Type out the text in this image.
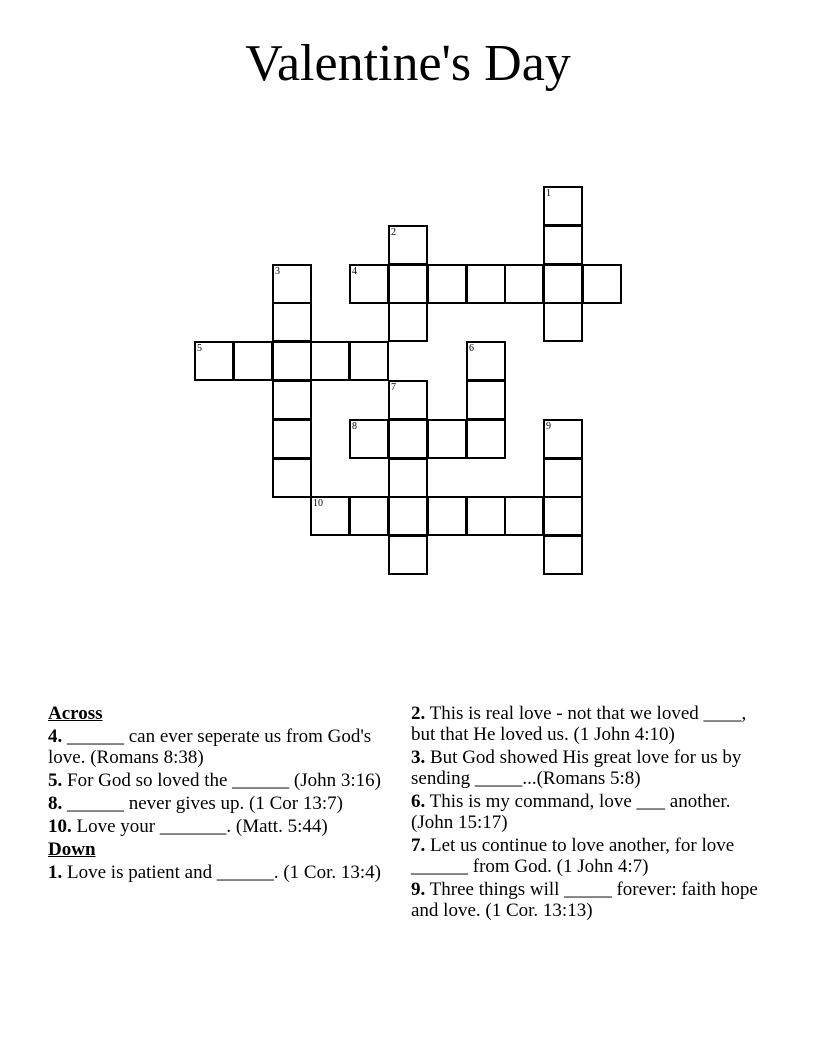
Valentine's Day
1
2
3	4
5	6
7
8	9
10
Across
4. ______ can ever seperate us from God's love. (Romans 8:38)
5. For God so loved the ______ (John 3:16)
8. ______ never gives up. (1 Cor 13:7)
10. Love your _______. (Matt. 5:44)
Down
1. Love is patient and ______. (1 Cor. 13:4)
2. This is real love - not that we loved ____, but that He loved us. (1 John 4:10)
3. But God showed His great love for us by sending _____...(Romans 5:8)
6. This is my command, love ___ another. (John 15:17)
7. Let us continue to love another, for love ______ from God. (1 John 4:7)
9. Three things will _____ forever: faith hope and love. (1 Cor. 13:13)
